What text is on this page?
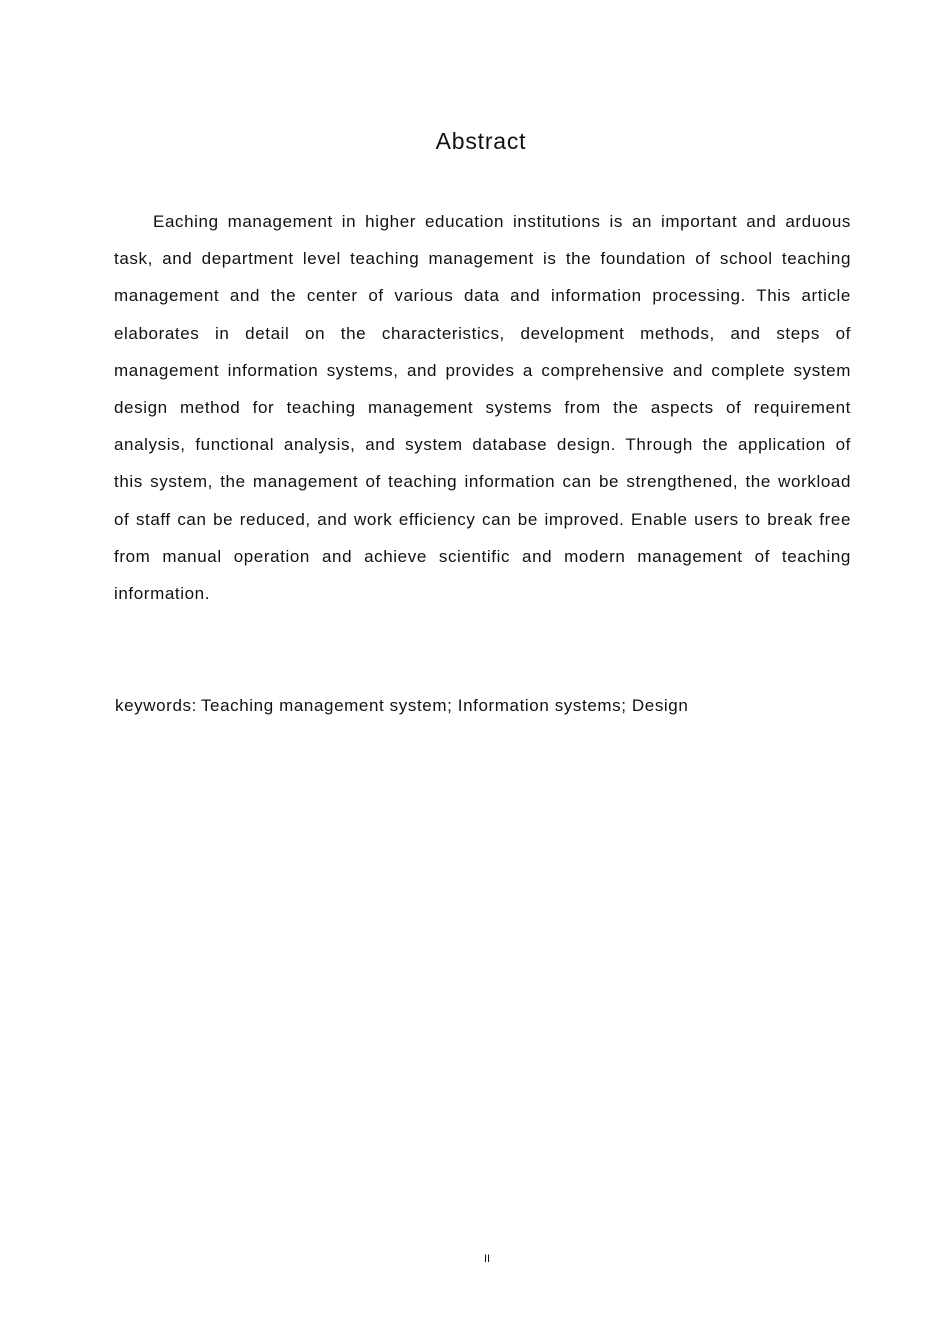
Abstract

Eaching management in higher education institutions is an important and arduous task, and department level teaching management is the foundation of school teaching management and the center of various data and information processing. This article elaborates in detail on the characteristics, development methods, and steps of management information systems, and provides a comprehensive and complete system design method for teaching management systems from the aspects of requirement analysis, functional analysis, and system database design. Through the application of this system, the management of teaching information can be strengthened, the workload of staff can be reduced, and work efficiency can be improved. Enable users to break free from manual operation and achieve scientific and modern management of teaching information.

keywords: Teaching management system; Information systems; Design

II
